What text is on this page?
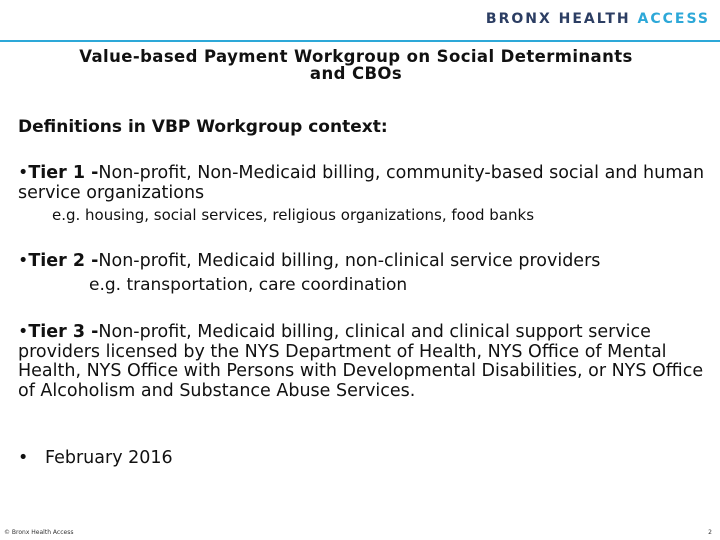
BRONX HEALTH ACCESS
Value-based Payment Workgroup on Social Determinants
and CBOs
Definitions in VBP Workgroup context:
•Tier 1 -Non-profit, Non-Medicaid billing, community-based social and human service organizations
e.g. housing, social services, religious organizations, food banks
•Tier 2 -Non-profit, Medicaid billing, non-clinical service providers
e.g. transportation, care coordination
•Tier 3 -Non-profit, Medicaid billing, clinical and clinical support service providers licensed by the NYS Department of Health, NYS Office of Mental Health, NYS Office with Persons with Developmental Disabilities, or NYS Office of Alcoholism and Substance Abuse Services.
• February 2016
© Bronx Health Access	2
